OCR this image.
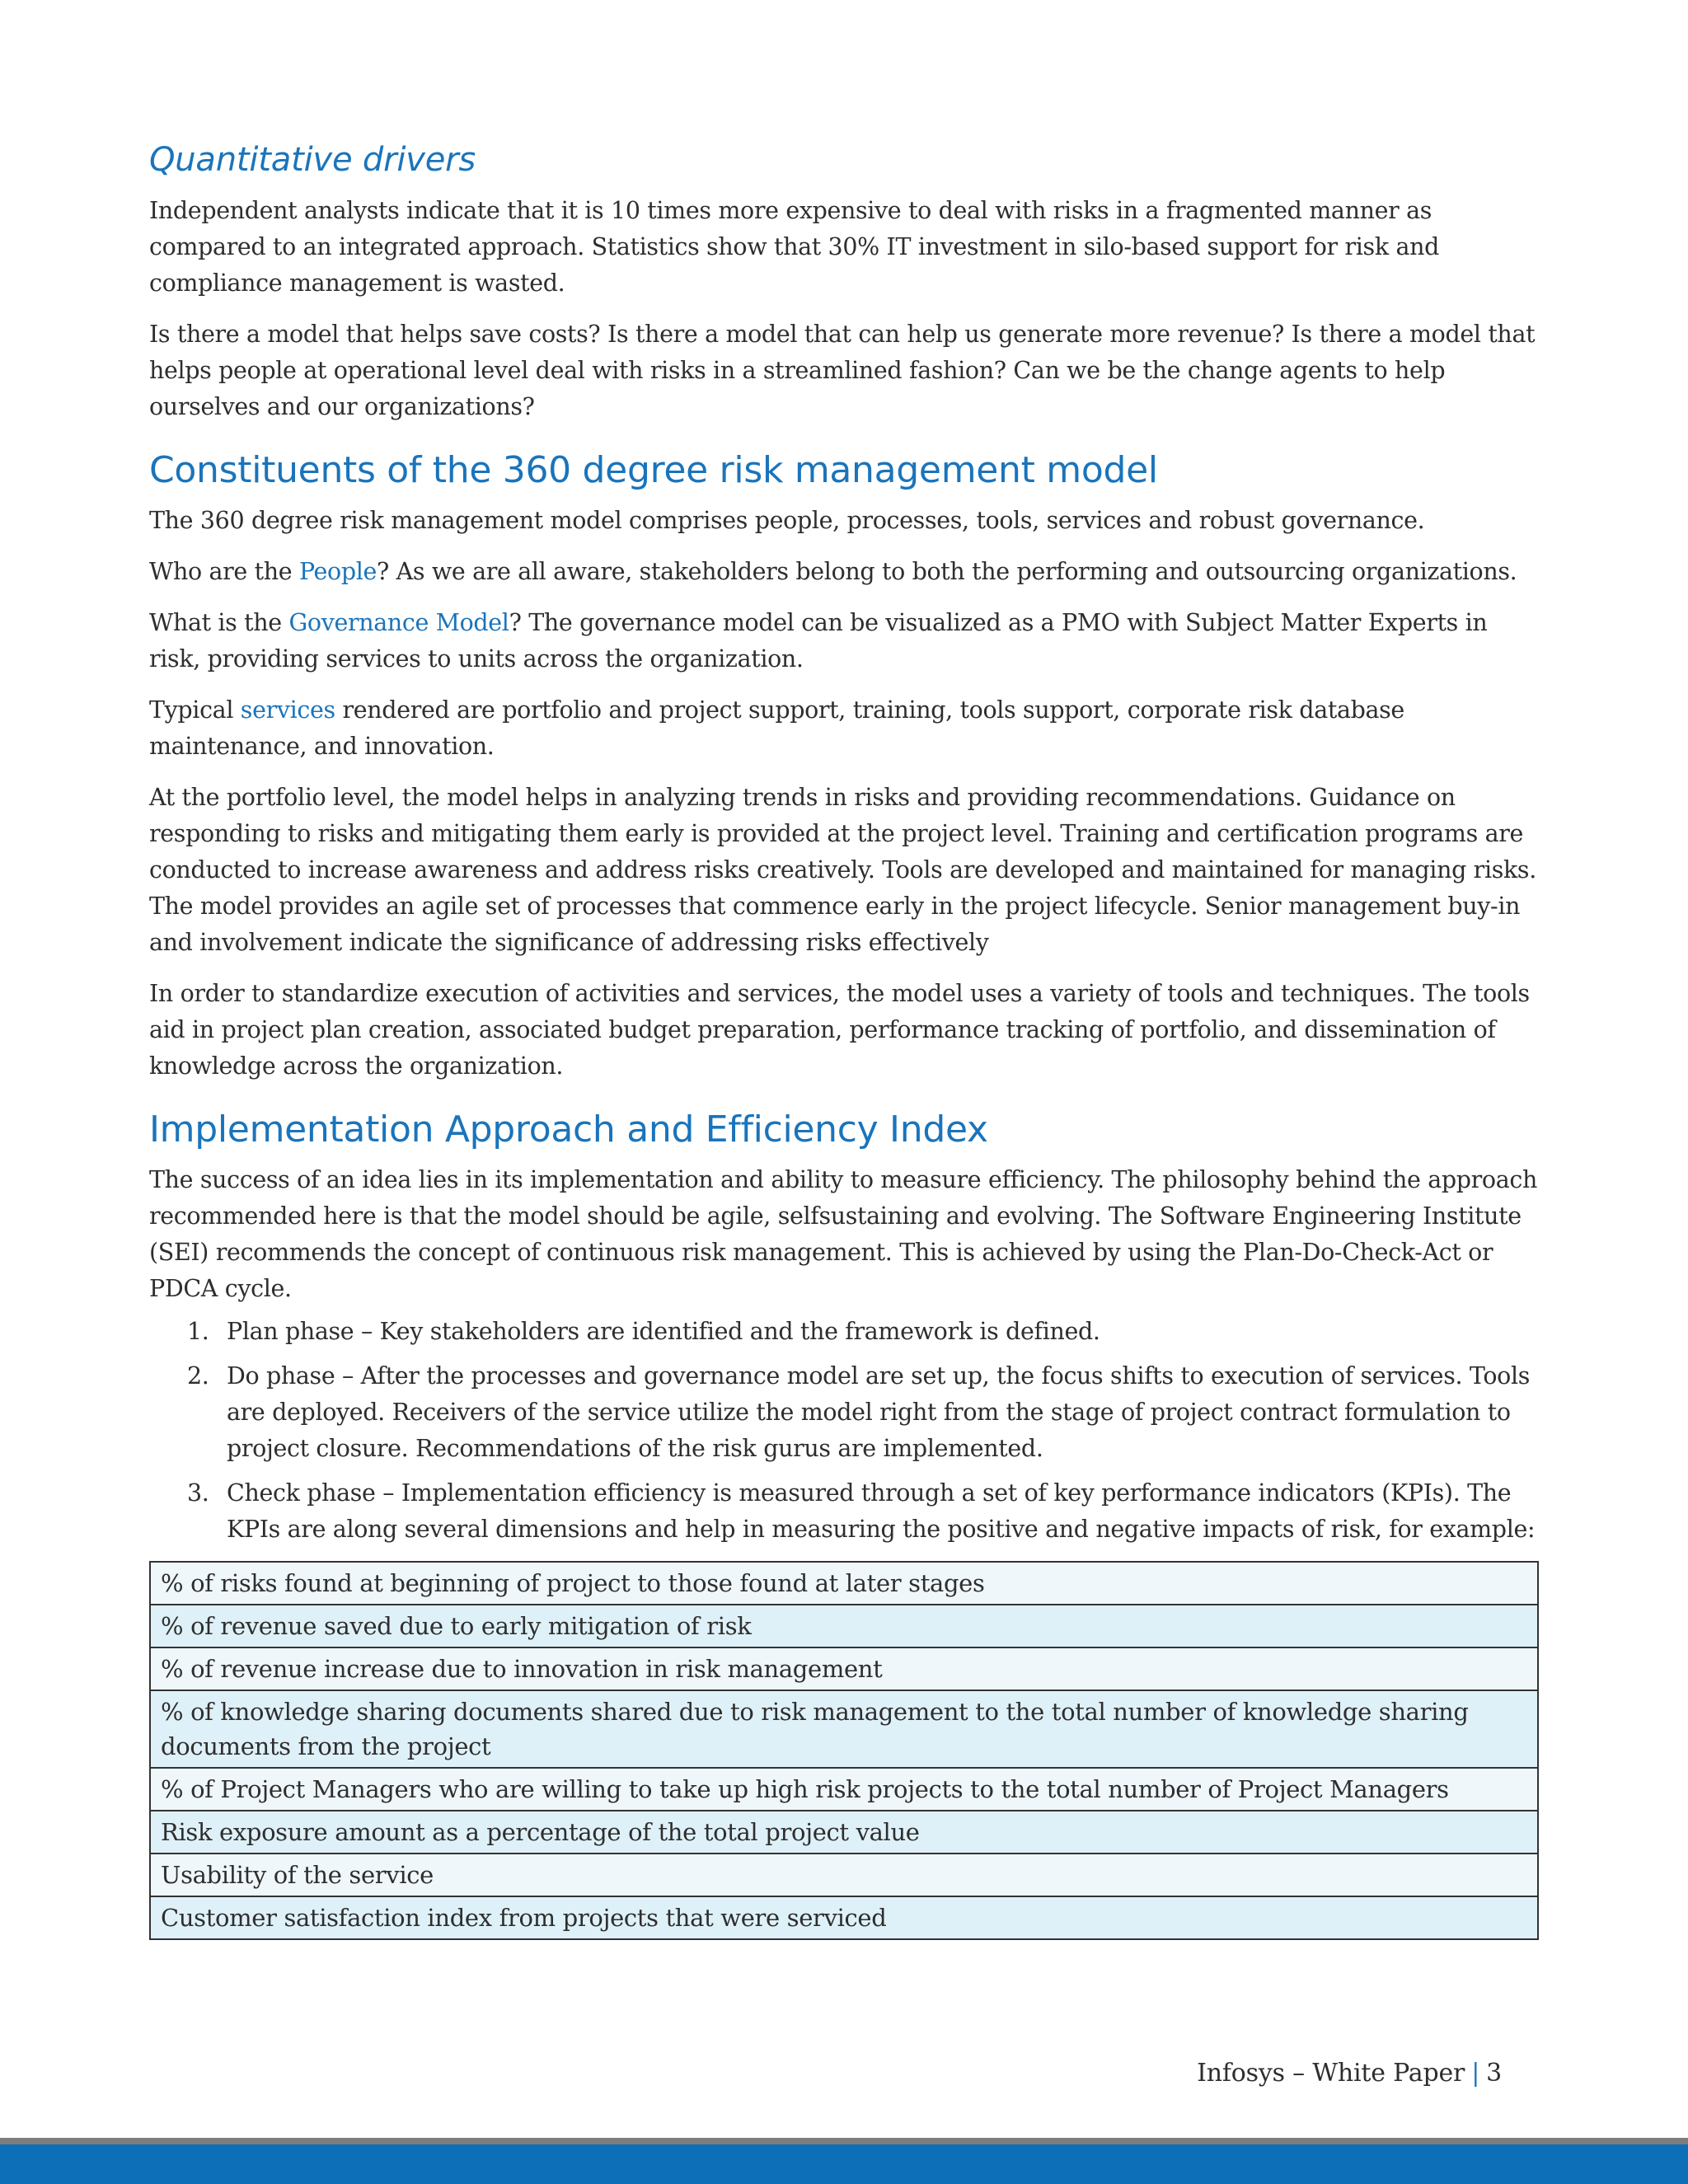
Quantitative drivers

Independent analysts indicate that it is 10 times more expensive to deal with risks in a fragmented manner as compared to an integrated approach. Statistics show that 30% IT investment in silo-based support for risk and compliance management is wasted.

Is there a model that helps save costs? Is there a model that can help us generate more revenue? Is there a model that helps people at operational level deal with risks in a streamlined fashion? Can we be the change agents to help ourselves and our organizations?

Constituents of the 360 degree risk management model

The 360 degree risk management model comprises people, processes, tools, services and robust governance.

Who are the People? As we are all aware, stakeholders belong to both the performing and outsourcing organizations.

What is the Governance Model? The governance model can be visualized as a PMO with Subject Matter Experts in risk, providing services to units across the organization.

Typical services rendered are portfolio and project support, training, tools support, corporate risk database maintenance, and innovation.

At the portfolio level, the model helps in analyzing trends in risks and providing recommendations. Guidance on responding to risks and mitigating them early is provided at the project level. Training and certification programs are conducted to increase awareness and address risks creatively. Tools are developed and maintained for managing risks. The model provides an agile set of processes that commence early in the project lifecycle. Senior management buy-in and involvement indicate the significance of addressing risks effectively

In order to standardize execution of activities and services, the model uses a variety of tools and techniques. The tools aid in project plan creation, associated budget preparation, performance tracking of portfolio, and dissemination of knowledge across the organization.

Implementation Approach and Efficiency Index

The success of an idea lies in its implementation and ability to measure efficiency. The philosophy behind the approach recommended here is that the model should be agile, selfsustaining and evolving. The Software Engineering Institute (SEI) recommends the concept of continuous risk management. This is achieved by using the Plan-Do-Check-Act or PDCA cycle.

1. Plan phase – Key stakeholders are identified and the framework is defined.
2. Do phase – After the processes and governance model are set up, the focus shifts to execution of services. Tools are deployed. Receivers of the service utilize the model right from the stage of project contract formulation to project closure. Recommendations of the risk gurus are implemented.
3. Check phase – Implementation efficiency is measured through a set of key performance indicators (KPIs). The KPIs are along several dimensions and help in measuring the positive and negative impacts of risk, for example:
% of risks found at beginning of project to those found at later stages
% of revenue saved due to early mitigation of risk
% of revenue increase due to innovation in risk management
% of knowledge sharing documents shared due to risk management to the total number of knowledge sharing documents from the project
% of Project Managers who are willing to take up high risk projects to the total number of Project Managers
Risk exposure amount as a percentage of the total project value
Usability of the service
Customer satisfaction index from projects that were serviced
Infosys – White Paper | 3
